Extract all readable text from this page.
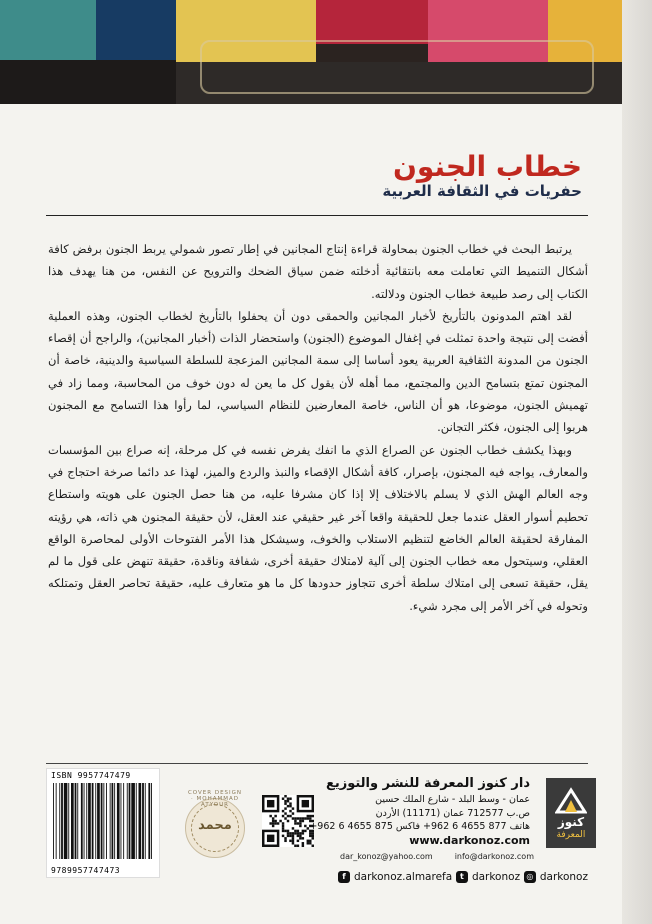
خطاب الجنون
حفريات في الثقافة العربية

يرتبط البحث في خطاب الجنون بمحاولة قراءة إنتاج المجانين في إطار تصور شمولي يربط الجنون برفض كافة أشكال التنميط التي تعاملت معه بانتقائية أدخلته ضمن سياق الضحك والترويح عن النفس، من هنا يهدف هذا الكتاب إلى رصد طبيعة خطاب الجنون ودلالته.

لقد اهتم المدونون بالتأريخ لأخبار المجانين والحمقى دون أن يحفلوا بالتأريخ لخطاب الجنون، وهذه العملية أفضت إلى نتيجة واحدة تمثلت في إغفال الموضوع (الجنون) واستحضار الذات (أخبار المجانين)، والراجح أن إقصاء الجنون من المدونة الثقافية العربية يعود أساسا إلى سمة المجانين المزعجة للسلطة السياسية والدينية، خاصة أن المجنون تمتع بتسامح الدين والمجتمع، مما أهله لأن يقول كل ما يعن له دون خوف من المحاسبة، ومما زاد في تهميش الجنون، موضوعا، هو أن الناس، خاصة المعارضين للنظام السياسي، لما رأوا هذا التسامح مع المجنون هربوا إلى الجنون، فكثر التجانن.

وبهذا يكشف خطاب الجنون عن الصراع الذي ما انفك يفرض نفسه في كل مرحلة، إنه صراع بين المؤسسات والمعارف، يواجه فيه المجنون، بإصرار، كافة أشكال الإقصاء والنبذ والردع والميز، لهذا عد دائما صرخة احتجاج في وجه العالم الهش الذي لا يسلم بالاختلاف إلا إذا كان مشرفا عليه، من هنا حصل الجنون على هويته واستطاع تحطيم أسوار العقل عندما جعل للحقيقة واقعا آخر غير حقيقي عند العقل، لأن حقيقة المجنون هي ذاته، هي رؤيته المفارقة لحقيقة العالم الخاضع لتنظيم الاستلاب والخوف، وسيشكل هذا الأمر الفتوحات الأولى لمحاصرة الواقع العقلي، وسيتحول معه خطاب الجنون إلى آلية لامتلاك حقيقة أخرى، شفافة وناقدة، حقيقة تنهض على قول ما لم يقل، حقيقة تسعى إلى امتلاك سلطة أخرى تتجاوز حدودها كل ما هو متعارف عليه، حقيقة تحاصر العقل وتمتلكه وتحوله في آخر الأمر إلى مجرد شيء.

ISBN 9957747479
9789957747473
COVER DESIGN · MOHAMMAD ATYOUR
محمد
دار كنوز المعرفة للنشر والتوزيع
عمان - وسط البلد - شارع الملك حسين
ص.ب 712577 عمان (11171) الأردن
هاتف 877 4655 6 962+ فاكس 875 4655 6 962+
www.darkonoz.com
dar_konoz@yahoo.com	info@darkonoz.com
كنوز
المعرفة
f darkonoz.almarefa t darkonoz ◎ darkonoz
